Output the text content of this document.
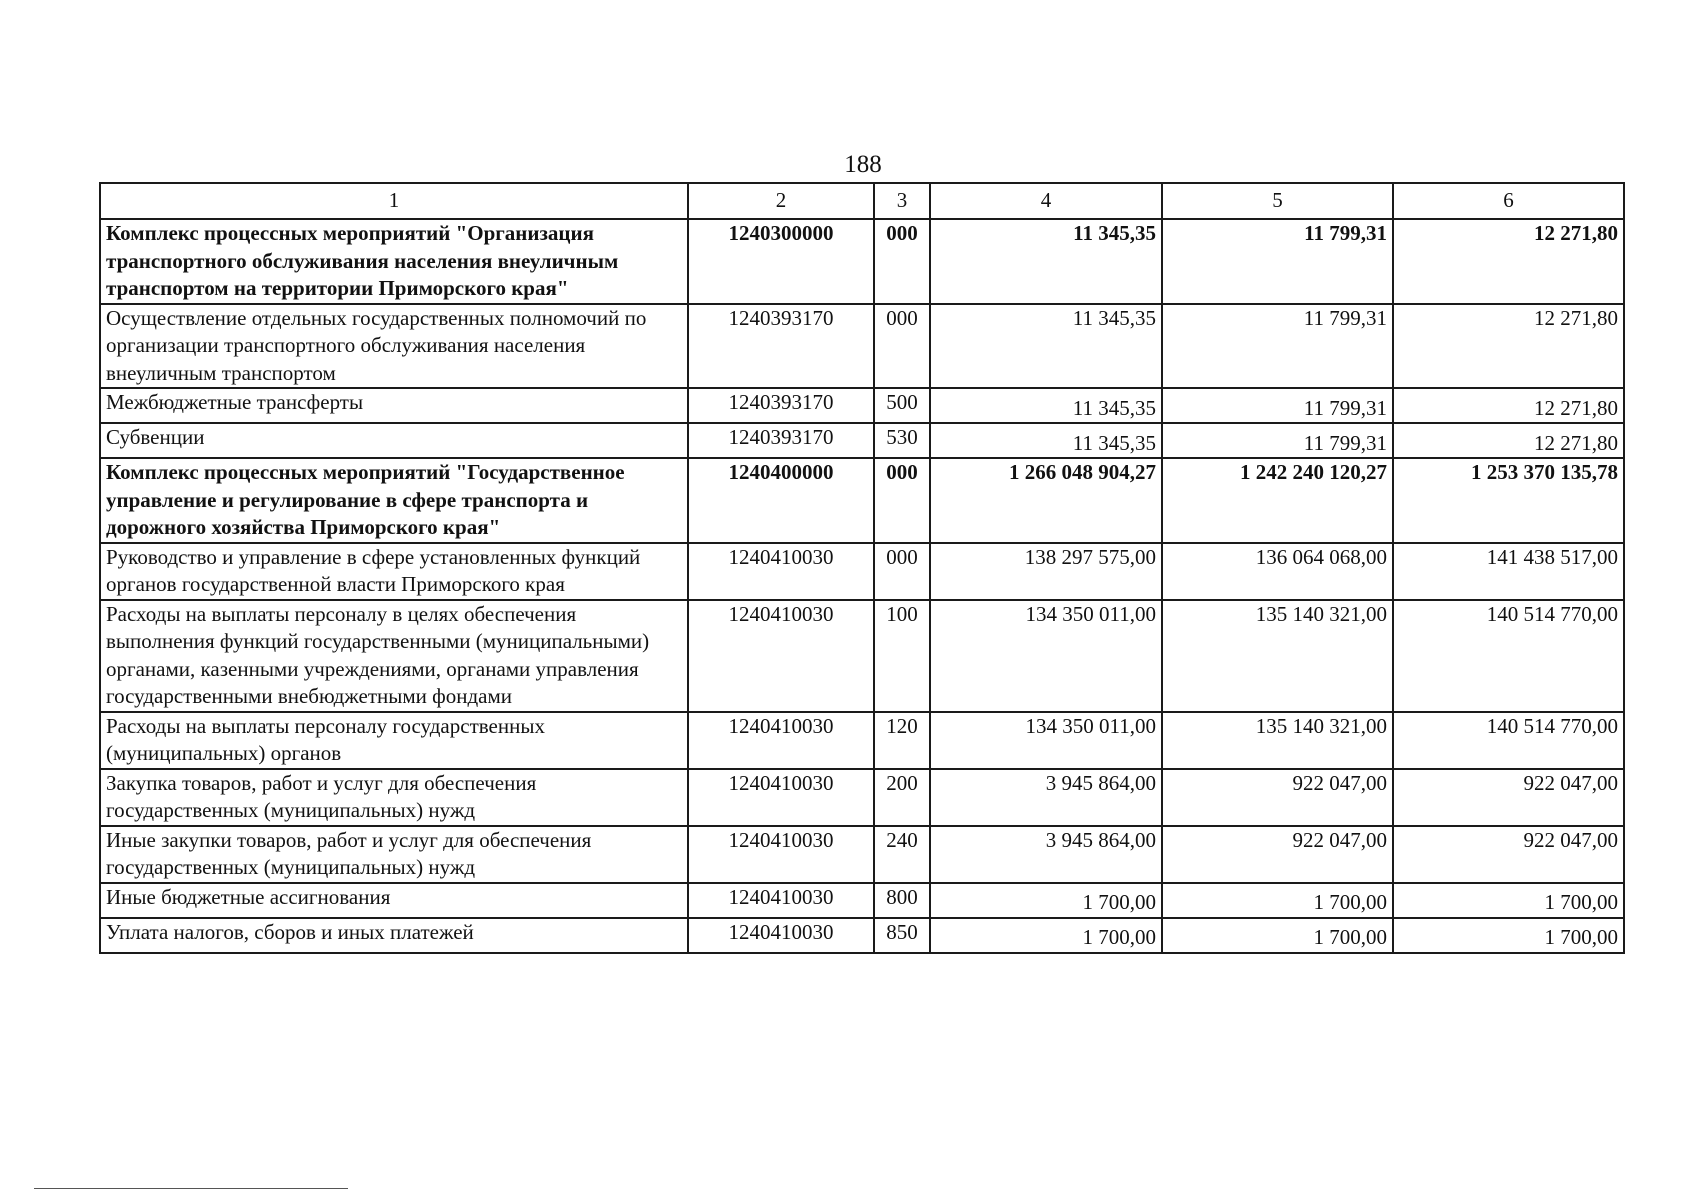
188
1	2	3	4	5	6
Комплекс процессных мероприятий "Организация транспортного обслуживания населения внеуличным транспортом на территории Приморского края"	1240300000	000	11 345,35	11 799,31	12 271,80
Осуществление отдельных государственных полномочий по организации транспортного обслуживания населения внеуличным транспортом	1240393170	000	11 345,35	11 799,31	12 271,80
Межбюджетные трансферты	1240393170	500	11 345,35	11 799,31	12 271,80
Субвенции	1240393170	530	11 345,35	11 799,31	12 271,80
Комплекс процессных мероприятий "Государственное управление и регулирование в сфере транспорта и дорожного хозяйства Приморского края"	1240400000	000	1 266 048 904,27	1 242 240 120,27	1 253 370 135,78
Руководство и управление в сфере установленных функций органов государственной власти Приморского края	1240410030	000	138 297 575,00	136 064 068,00	141 438 517,00
Расходы на выплаты персоналу в целях обеспечения выполнения функций государственными (муниципальными) органами, казенными учреждениями, органами управления государственными внебюджетными фондами	1240410030	100	134 350 011,00	135 140 321,00	140 514 770,00
Расходы на выплаты персоналу государственных (муниципальных) органов	1240410030	120	134 350 011,00	135 140 321,00	140 514 770,00
Закупка товаров, работ и услуг для обеспечения государственных (муниципальных) нужд	1240410030	200	3 945 864,00	922 047,00	922 047,00
Иные закупки товаров, работ и услуг для обеспечения государственных (муниципальных) нужд	1240410030	240	3 945 864,00	922 047,00	922 047,00
Иные бюджетные ассигнования	1240410030	800	1 700,00	1 700,00	1 700,00
Уплата налогов, сборов и иных платежей	1240410030	850	1 700,00	1 700,00	1 700,00
